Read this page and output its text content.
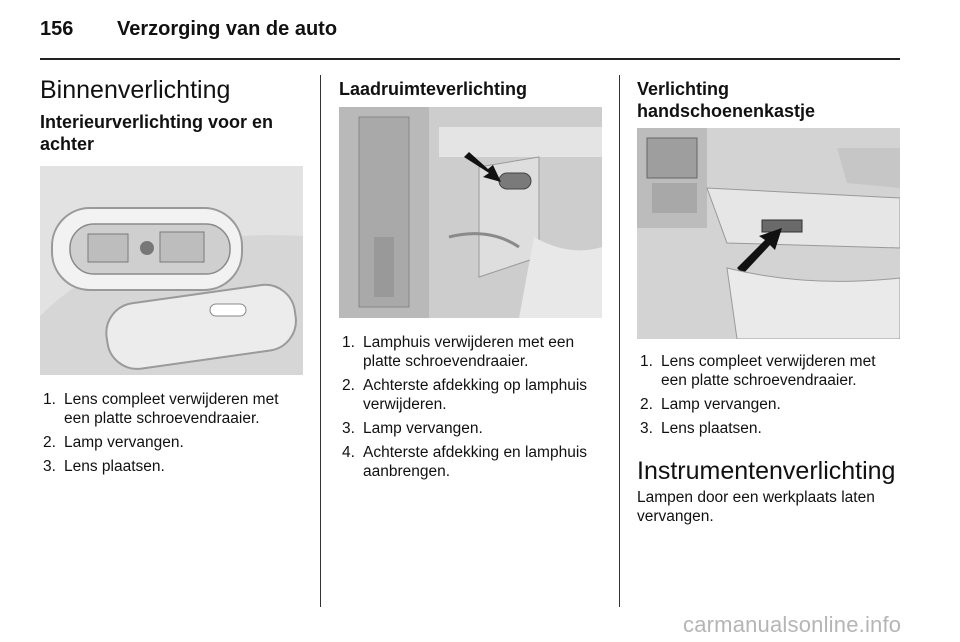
156 Verzorging van de auto
Binnenverlichting
Interieurverlichting voor en achter
1. Lens compleet verwijderen met een platte schroevendraaier.
2. Lamp vervangen.
3. Lens plaatsen.
Laadruimteverlichting
1. Lamphuis verwijderen met een platte schroevendraaier.
2. Achterste afdekking op lamphuis verwijderen.
3. Lamp vervangen.
4. Achterste afdekking en lamphuis aanbrengen.
Verlichting
handschoenenkastje
1. Lens compleet verwijderen met een platte schroevendraaier.
2. Lamp vervangen.
3. Lens plaatsen.
Instrumentenverlichting

Lampen door een werkplaats laten vervangen.

carmanualsonline.info
